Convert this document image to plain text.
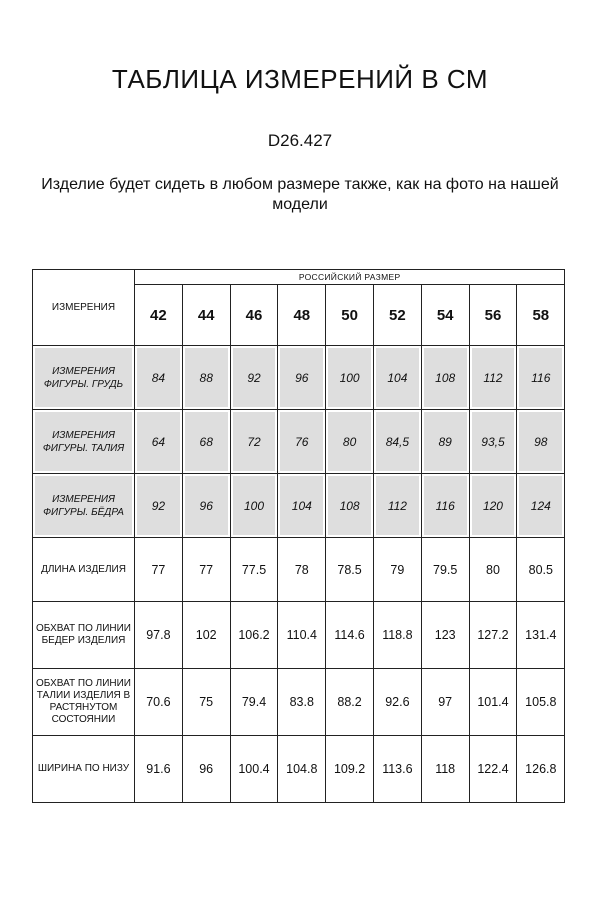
ТАБЛИЦА ИЗМЕРЕНИЙ В СМ
D26.427
Изделие будет сидеть в любом размере также, как на фото на нашей модели
ИЗМЕРЕНИЯ	РОССИЙСКИЙ РАЗМЕР								
	42	44	46	48	50	52	54	56	58

ИЗМЕРЕНИЯ ФИГУРЫ. ГРУДЬ	84	88	92	96	100	104	108	112	116

ИЗМЕРЕНИЯ ФИГУРЫ. ТАЛИЯ	64	68	72	76	80	84,5	89	93,5	98

ИЗМЕРЕНИЯ ФИГУРЫ. БЁДРА	92	96	100	104	108	112	116	120	124

ДЛИНА ИЗДЕЛИЯ	77	77	77.5	78	78.5	79	79.5	80	80.5
ОБХВАТ ПО ЛИНИИ БЕДЕР ИЗДЕЛИЯ	97.8	102	106.2	110.4	114.6	118.8	123	127.2	131.4
ОБХВАТ ПО ЛИНИИ ТАЛИИ ИЗДЕЛИЯ В РАСТЯНУТОМ СОСТОЯНИИ	70.6	75	79.4	83.8	88.2	92.6	97	101.4	105.8
ШИРИНА ПО НИЗУ	91.6	96	100.4	104.8	109.2	113.6	118	122.4	126.8
